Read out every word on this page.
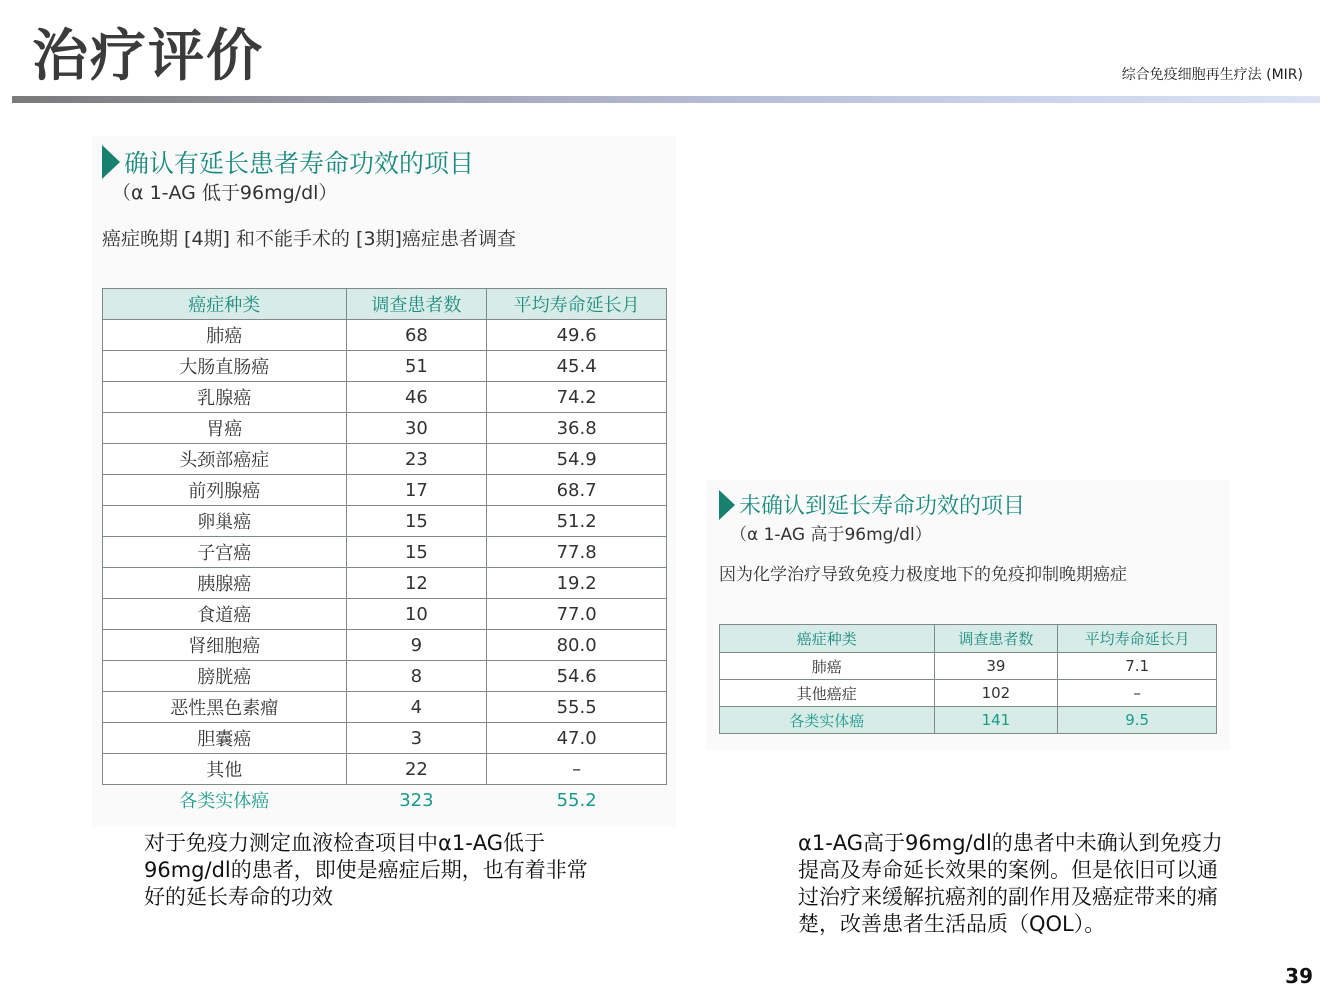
治疗评价	综合免疫细胞再生疗法 (MIR)
确认有延长患者寿命功效的项目
（α 1-AG 低于96mg/dl）
癌症晚期 [4期] 和不能手术的 [3期]癌症患者调查
癌症种类	调查患者数	平均寿命延长月
肺癌	68	49.6
大肠直肠癌	51	45.4
乳腺癌	46	74.2
胃癌	30	36.8
头颈部癌症	23	54.9
前列腺癌	17	68.7
卵巢癌	15	51.2
子宫癌	15	77.8
胰腺癌	12	19.2
食道癌	10	77.0
肾细胞癌	9	80.0
膀胱癌	8	54.6
恶性黑色素瘤	4	55.5
胆囊癌	3	47.0
其他	22	–
各类实体癌	323	55.2
对于免疫力测定血液检查项目中α1-AG低于96mg/dl的患者，即使是癌症后期，也有着非常好的延长寿命的功效
未确认到延长寿命功效的项目
（α 1-AG 高于96mg/dl）
因为化学治疗导致免疫力极度地下的免疫抑制晚期癌症
癌症种类	调查患者数	平均寿命延长月
肺癌	39	7.1
其他癌症	102	–
各类实体癌	141	9.5
α1-AG高于96mg/dl的患者中未确认到免疫力提高及寿命延长效果的案例。但是依旧可以通过治疗来缓解抗癌剂的副作用及癌症带来的痛楚，改善患者生活品质（QOL）。
39
